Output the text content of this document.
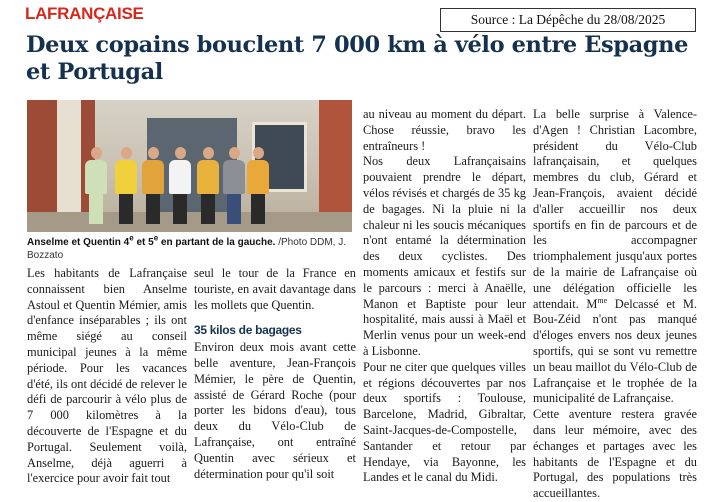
LAFRANÇAISE	Source : La Dépêche du 28/08/2025
Deux copains bouclent 7 000 km à vélo entre Espagne et Portugal
Anselme et Quentin 4e et 5e en partant de la gauche. /Photo DDM, J. Bozzato

Les habitants de Lafrançaise connaissent bien Anselme Astoul et Quentin Mémier, amis d'enfance inséparables ; ils ont même siégé au conseil municipal jeunes à la même période. Pour les vacances d'été, ils ont décidé de relever le défi de parcourir à vélo plus de 7 000 kilomètres à la découverte de l'Espagne et du Portugal. Seulement voilà, Anselme, déjà aguerri à l'exercice pour avoir fait tout

seul le tour de la France en touriste, en avait davantage dans les mollets que Quentin.

35 kilos de bagages

Environ deux mois avant cette belle aventure, Jean-François Mémier, le père de Quentin, assisté de Gérard Roche (pour porter les bidons d'eau), tous deux du Vélo-Club de Lafrançaise, ont entraîné Quentin avec sérieux et détermination pour qu'il soit

au niveau au moment du départ. Chose réussie, bravo les entraîneurs !

Nos deux Lafrançaisains pouvaient prendre le départ, vélos révisés et chargés de 35 kg de bagages. Ni la pluie ni la chaleur ni les soucis mécaniques n'ont entamé la détermination des deux cyclistes. Des moments amicaux et festifs sur le parcours : merci à Anaëlle, Manon et Baptiste pour leur hospitalité, mais aussi à Maël et Merlin venus pour un week-end à Lisbonne.

Pour ne citer que quelques villes et régions découvertes par nos deux sportifs : Toulouse, Barcelone, Madrid, Gibraltar, Saint-Jacques-de-Compostelle, Santander et retour par Hendaye, via Bayonne, les Landes et le canal du Midi.

La belle surprise à Valence-d'Agen ! Christian Lacombre, président du Vélo-Club lafrançaisain, et quelques membres du club, Gérard et Jean-François, avaient décidé d'aller accueillir nos deux sportifs en fin de parcours et de les accompagner triomphalement jusqu'aux portes de la mairie de Lafrançaise où une délégation officielle les attendait. $M^{me}$ Delcassé et M. Bou-Zéid n'ont pas manqué d'éloges envers nos deux jeunes sportifs, qui se sont vu remettre un beau maillot du Vélo-Club de Lafrançaise et le trophée de la municipalité de Lafrançaise.

Cette aventure restera gravée dans leur mémoire, avec des échanges et partages avec les habitants de l'Espagne et du Portugal, des populations très accueillantes.
